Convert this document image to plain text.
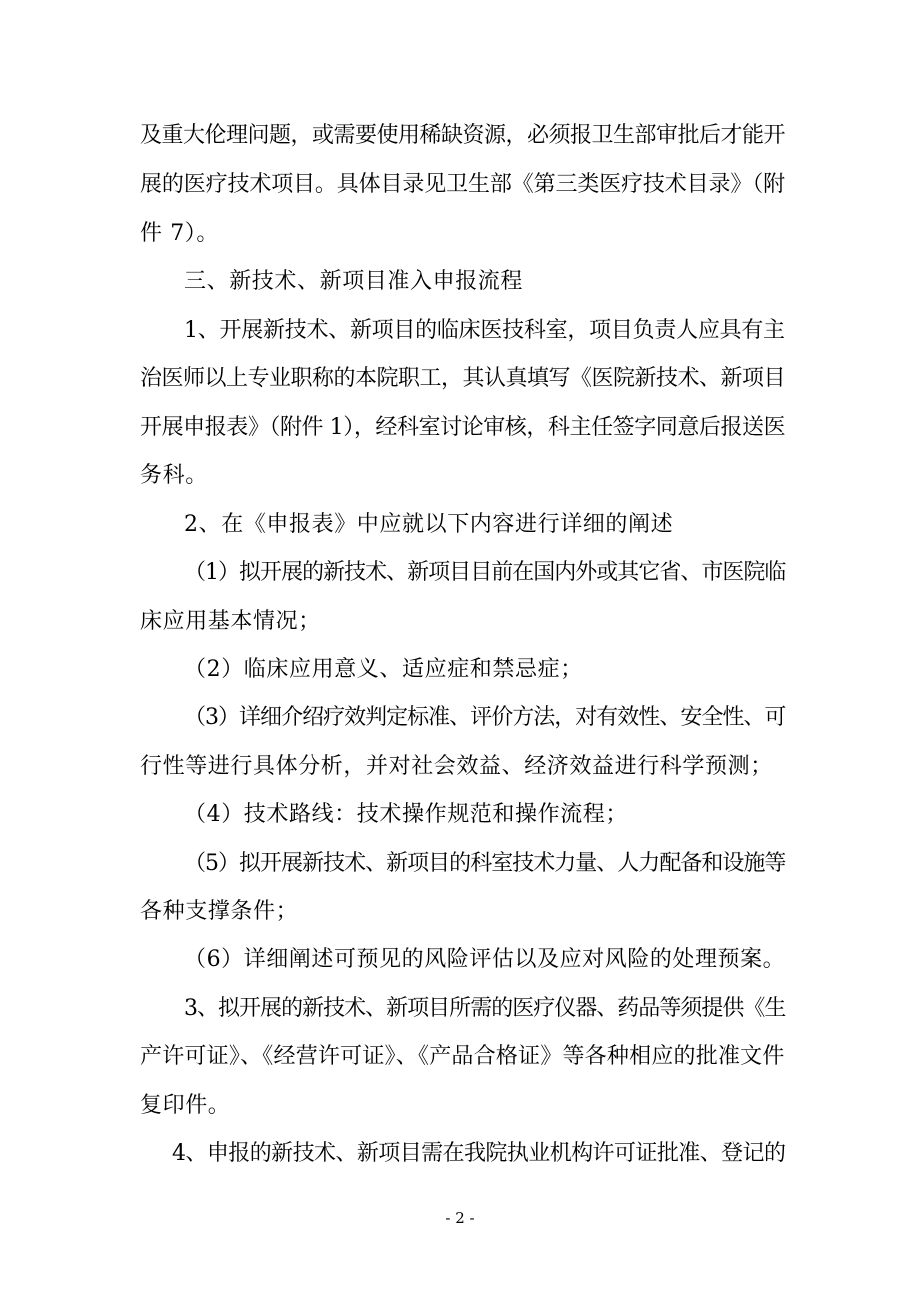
及重大伦理问题，或需要使用稀缺资源，必须报卫生部审批后才能开
展的医疗技术项目。具体目录见卫生部《第三类医疗技术目录》（附
件 7）。
三、新技术、新项目准入申报流程
1、开展新技术、新项目的临床医技科室，项目负责人应具有主
治医师以上专业职称的本院职工，其认真填写《医院新技术、新项目
开展申报表》（附件 1），经科室讨论审核，科主任签字同意后报送医
务科。
2、在《申报表》中应就以下内容进行详细的阐述
（1）拟开展的新技术、新项目目前在国内外或其它省、市医院临
床应用基本情况；
（2）临床应用意义、适应症和禁忌症；
（3）详细介绍疗效判定标准、评价方法，对有效性、安全性、可
行性等进行具体分析，并对社会效益、经济效益进行科学预测；
（4）技术路线：技术操作规范和操作流程；
（5）拟开展新技术、新项目的科室技术力量、人力配备和设施等
各种支撑条件；
（6）详细阐述可预见的风险评估以及应对风险的处理预案。
3、拟开展的新技术、新项目所需的医疗仪器、药品等须提供《生
产许可证》、《经营许可证》、《产品合格证》等各种相应的批准文件
复印件。
4、申报的新技术、新项目需在我院执业机构许可证批准、登记的
- 2 -
